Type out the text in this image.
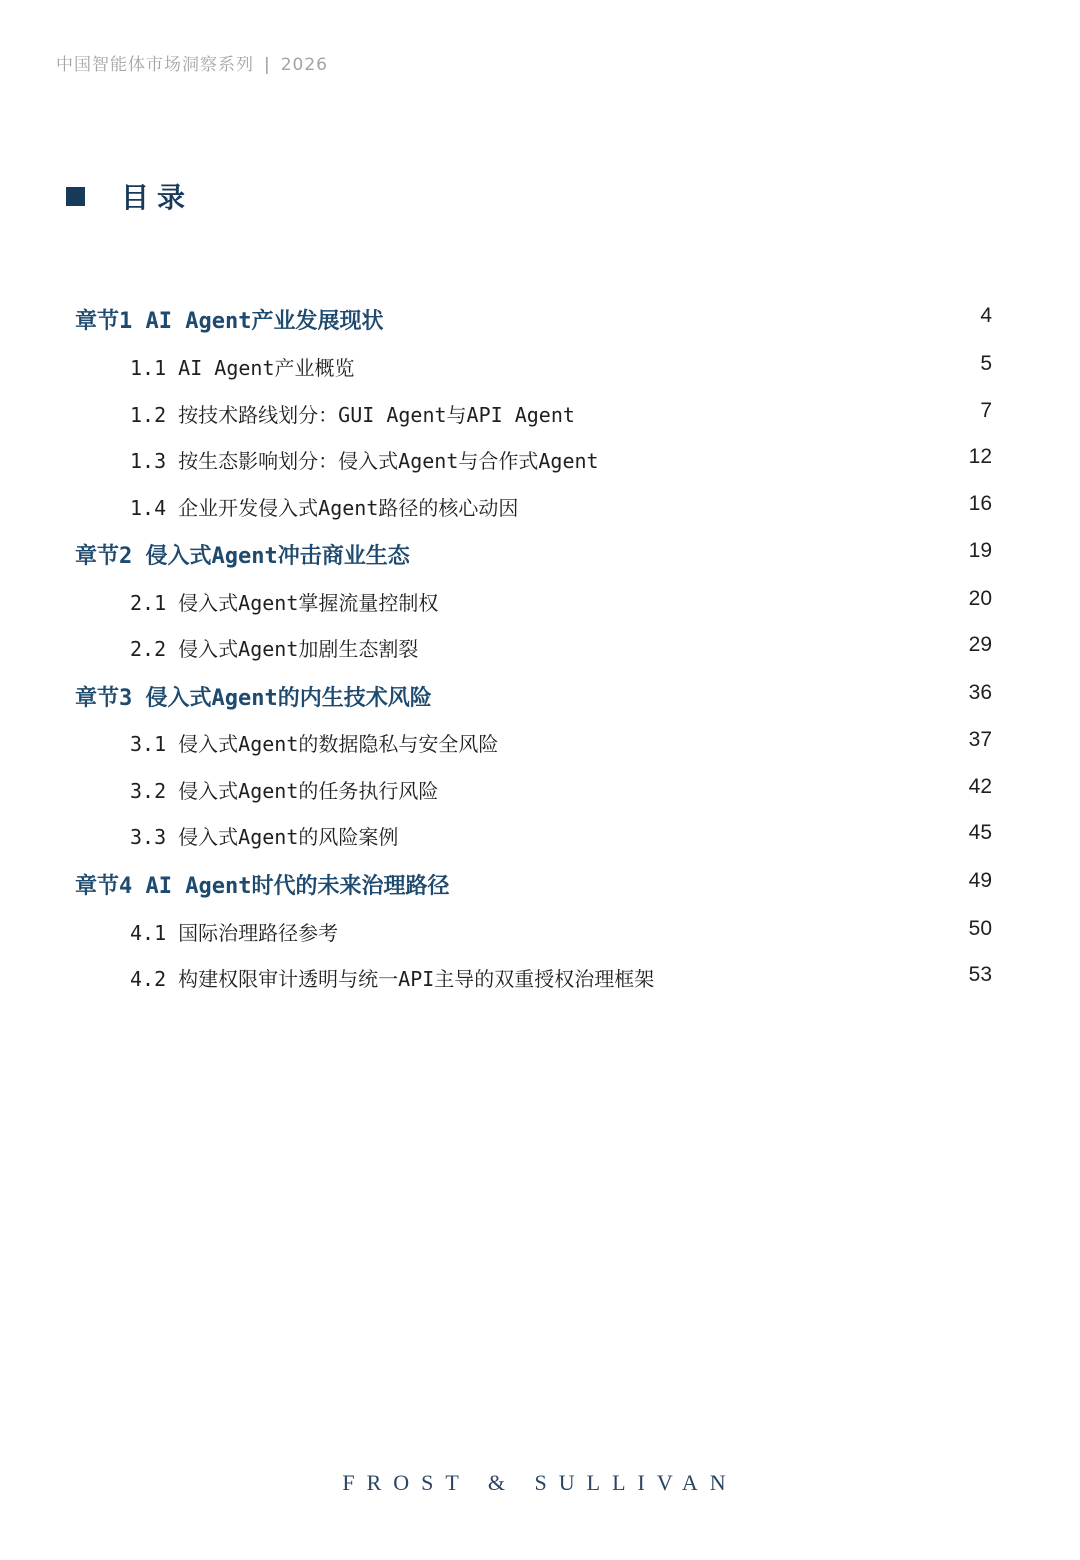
中国智能体市场洞察系列 | 2026
目录
章节1 AI Agent产业发展现状	4
1.1 AI Agent产业概览	5
1.2 按技术路线划分：GUI Agent与API Agent	7
1.3 按生态影响划分：侵入式Agent与合作式Agent	12
1.4 企业开发侵入式Agent路径的核心动因	16
章节2 侵入式Agent冲击商业生态	19
2.1 侵入式Agent掌握流量控制权	20
2.2 侵入式Agent加剧生态割裂	29
章节3 侵入式Agent的内生技术风险	36
3.1 侵入式Agent的数据隐私与安全风险	37
3.2 侵入式Agent的任务执行风险	42
3.3 侵入式Agent的风险案例	45
章节4 AI Agent时代的未来治理路径	49
4.1 国际治理路径参考	50
4.2 构建权限审计透明与统一API主导的双重授权治理框架	53
FROST & SULLIVAN
